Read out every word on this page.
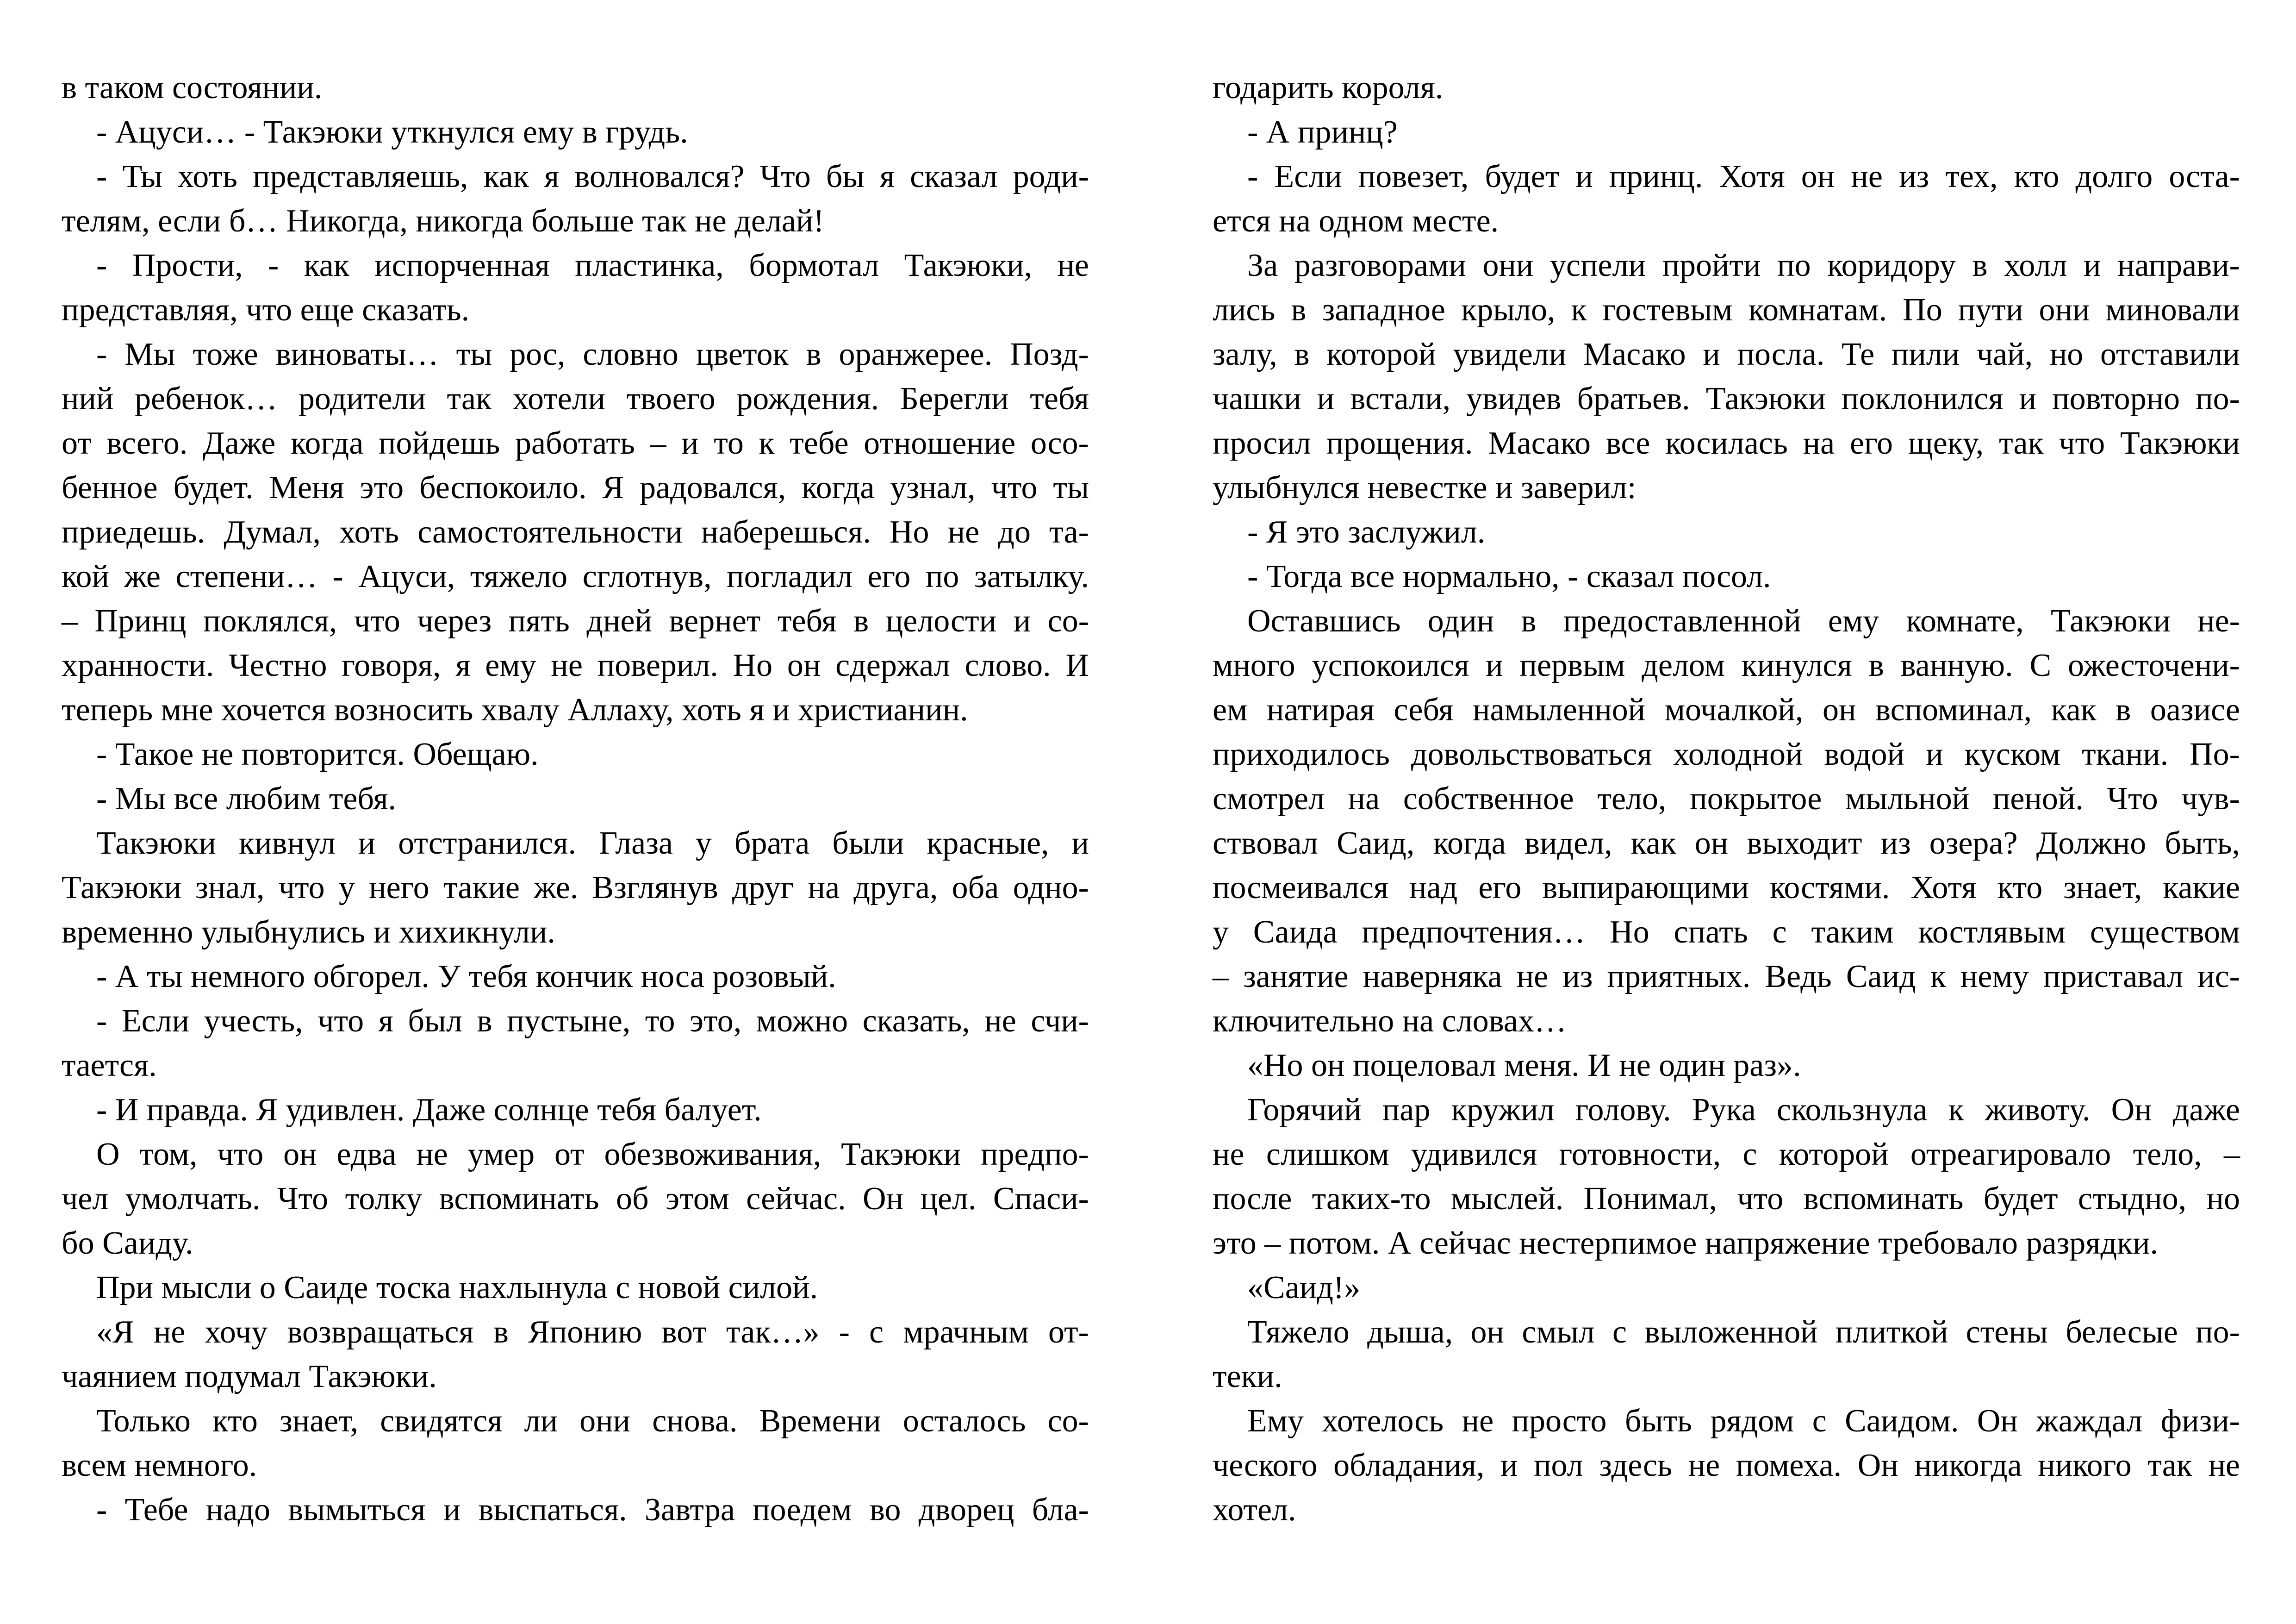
в таком состоянии.
- Ацуси… - Такэюки уткнулся ему в грудь.
- Ты хоть представляешь, как я волновался? Что бы я сказал роди-
телям, если б… Никогда, никогда больше так не делай!
- Прости, - как испорченная пластинка, бормотал Такэюки, не
представляя, что еще сказать.
- Мы тоже виноваты… ты рос, словно цветок в оранжерее. Позд-
ний ребенок… родители так хотели твоего рождения. Берегли тебя
от всего. Даже когда пойдешь работать – и то к тебе отношение осо-
бенное будет. Меня это беспокоило. Я радовался, когда узнал, что ты
приедешь. Думал, хоть самостоятельности наберешься. Но не до та-
кой же степени… - Ацуси, тяжело сглотнув, погладил его по затылку.
– Принц поклялся, что через пять дней вернет тебя в целости и со-
хранности. Честно говоря, я ему не поверил. Но он сдержал слово. И
теперь мне хочется возносить хвалу Аллаху, хоть я и христианин.
- Такое не повторится. Обещаю.
- Мы все любим тебя.
Такэюки кивнул и отстранился. Глаза у брата были красные, и
Такэюки знал, что у него такие же. Взглянув друг на друга, оба одно-
временно улыбнулись и хихикнули.
- А ты немного обгорел. У тебя кончик носа розовый.
- Если учесть, что я был в пустыне, то это, можно сказать, не счи-
тается.
- И правда. Я удивлен. Даже солнце тебя балует.
О том, что он едва не умер от обезвоживания, Такэюки предпо-
чел умолчать. Что толку вспоминать об этом сейчас. Он цел. Спаси-
бо Саиду.
При мысли о Саиде тоска нахлынула с новой силой.
«Я не хочу возвращаться в Японию вот так…» - с мрачным от-
чаянием подумал Такэюки.
Только кто знает, свидятся ли они снова. Времени осталось со-
всем немного.
- Тебе надо вымыться и выспаться. Завтра поедем во дворец бла-
годарить короля.
- А принц?
- Если повезет, будет и принц. Хотя он не из тех, кто долго оста-
ется на одном месте.
За разговорами они успели пройти по коридору в холл и направи-
лись в западное крыло, к гостевым комнатам. По пути они миновали
залу, в которой увидели Масако и посла. Те пили чай, но отставили
чашки и встали, увидев братьев. Такэюки поклонился и повторно по-
просил прощения. Масако все косилась на его щеку, так что Такэюки
улыбнулся невестке и заверил:
- Я это заслужил.
- Тогда все нормально, - сказал посол.
Оставшись один в предоставленной ему комнате, Такэюки не-
много успокоился и первым делом кинулся в ванную. С ожесточени-
ем натирая себя намыленной мочалкой, он вспоминал, как в оазисе
приходилось довольствоваться холодной водой и куском ткани. По-
смотрел на собственное тело, покрытое мыльной пеной. Что чув-
ствовал Саид, когда видел, как он выходит из озера? Должно быть,
посмеивался над его выпирающими костями. Хотя кто знает, какие
у Саида предпочтения… Но спать с таким костлявым существом
– занятие наверняка не из приятных. Ведь Саид к нему приставал ис-
ключительно на словах…
«Но он поцеловал меня. И не один раз».
Горячий пар кружил голову. Рука скользнула к животу. Он даже
не слишком удивился готовности, с которой отреагировало тело, –
после таких-то мыслей. Понимал, что вспоминать будет стыдно, но
это – потом. А сейчас нестерпимое напряжение требовало разрядки.
«Саид!»
Тяжело дыша, он смыл с выложенной плиткой стены белесые по-
теки.
Ему хотелось не просто быть рядом с Саидом. Он жаждал физи-
ческого обладания, и пол здесь не помеха. Он никогда никого так не
хотел.
